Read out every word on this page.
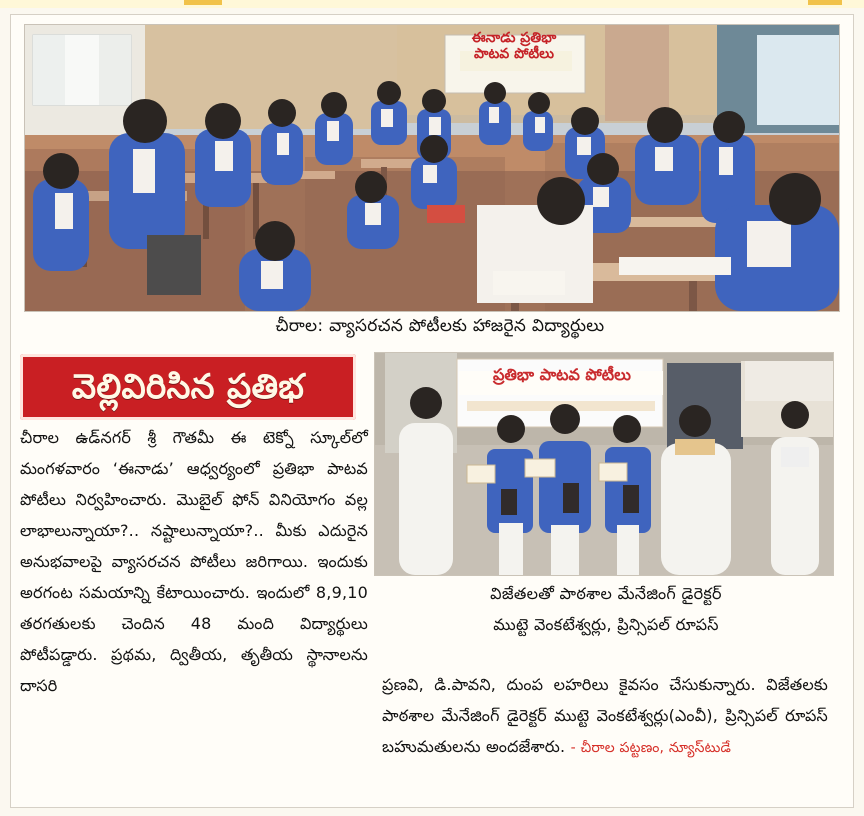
ఈనాడు ప్రతిభా పాటవ పోటీలు
చీరాల: వ్యాసరచన పోటీలకు హాజరైన విద్యార్థులు
వెల్లివిరిసిన ప్రతిభ

చీరాల ఉడ్‌నగర్ శ్రీ గౌతమీ ఈ టెక్నో స్కూల్‌లో మంగళవారం ‘ఈనాడు’ ఆధ్వర్యంలో ప్రతిభా పాటవ పోటీలు నిర్వహించారు. మొబైల్ ఫోన్ వినియోగం వల్ల లాభాలున్నాయా?.. నష్టాలున్నాయా?.. మీకు ఎదురైన అనుభవాలపై వ్యాసరచన పోటీలు జరిగాయి. ఇందుకు అరగంట సమయాన్ని కేటాయించారు. ఇందులో 8,9,10 తరగతులకు చెందిన 48 మంది విద్యార్థులు పోటీపడ్డారు. ప్రథమ, ద్వితీయ, తృతీయ స్థానాలను దాసరి

ప్రతిభా పాటవ పోటీలు
విజేతలతో పాఠశాల మేనేజింగ్ డైరెక్టర్
ముట్టె వెంకటేశ్వర్లు, ప్రిన్సిపల్ రూపస్

ప్రణవి, డి.పావని, దుంప లహరిలు కైవసం చేసుకున్నారు. విజేతలకు పాఠశాల మేనేజింగ్ డైరెక్టర్ ముట్టె వెంకటేశ్వర్లు(ఎంవీ), ప్రిన్సిపల్ రూపస్ బహుమతులను అందజేశారు. - చీరాల పట్టణం, న్యూస్‌టుడే
